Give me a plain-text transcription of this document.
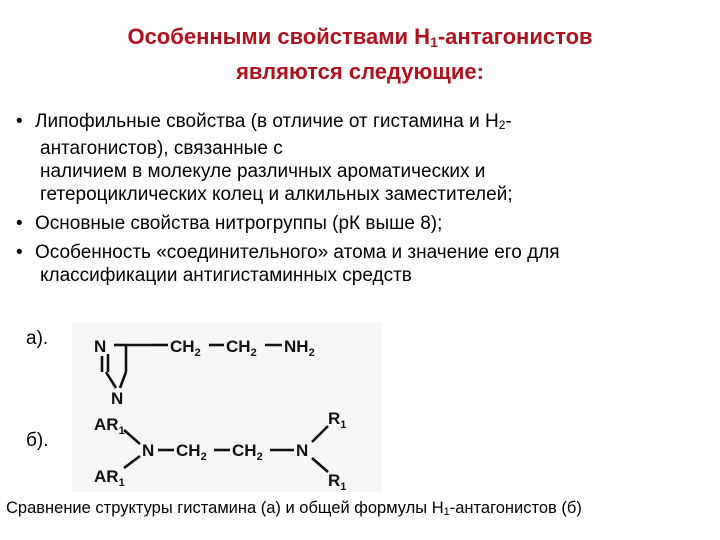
Особенными свойствами $Н_1$-антагонистов
являются следующие:
• Липофильные свойства (в отличие от гистамина и $Н_2-$
антагонистов), связанные с
наличием в молекуле различных ароматических и
гетероциклических колец и алкильных заместителей;
• Основные свойства нитрогруппы (рК выше 8);
• Особенность «соединительного» атома и значение его для
классификации антигистаминных средств
а).
б).
N
N
$CH_2$ $CH_2$ $NH_2$
$AR_1$
$AR_1$
N $CH_2$ $CH_2$ N
$R_1$
$R_1$
Сравнение структуры гистамина (а) и общей формулы $Н_1$-антагонистов (б)
